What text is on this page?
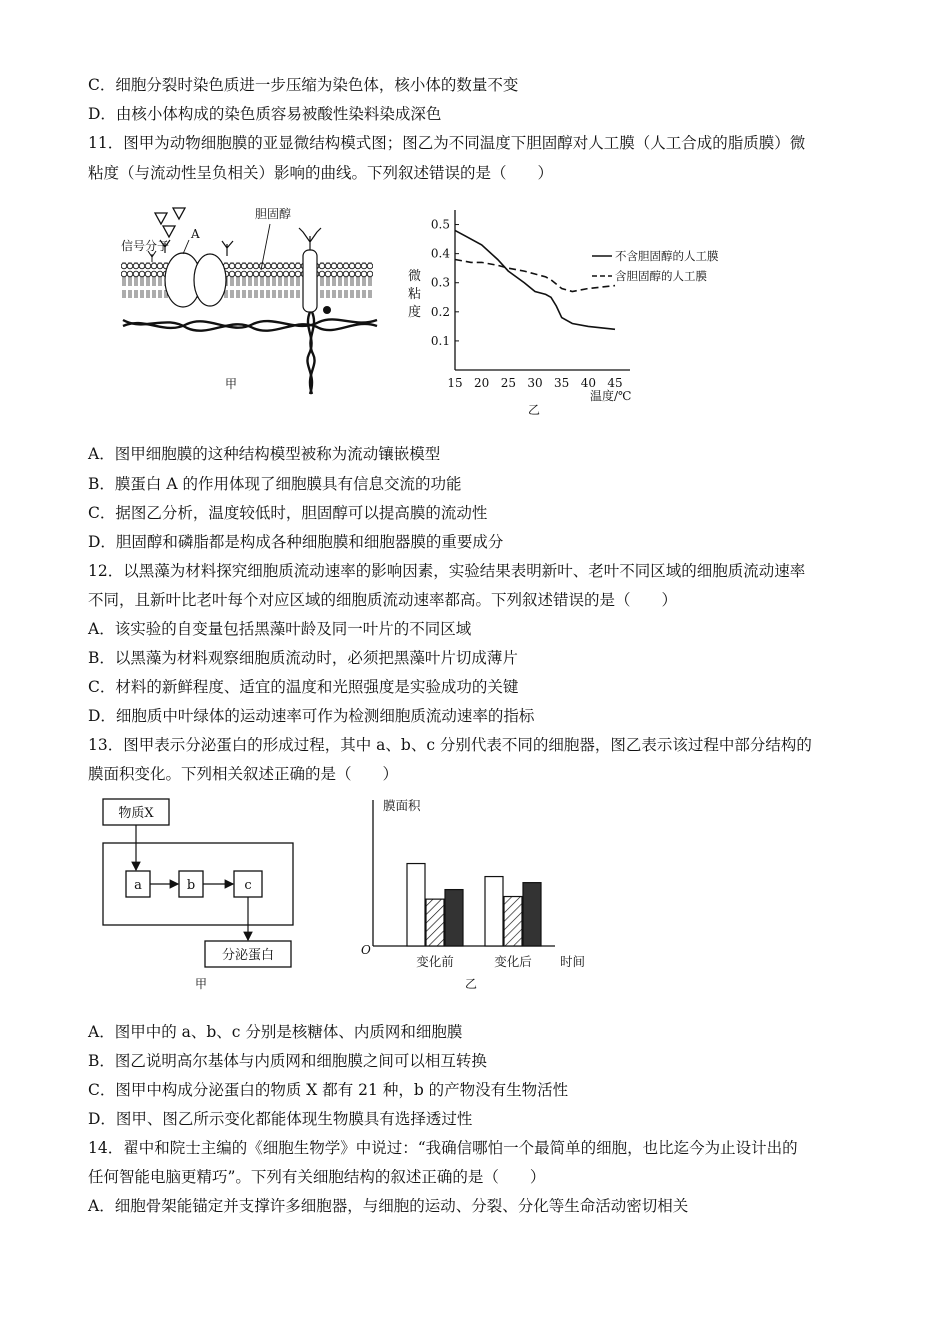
C．细胞分裂时染色质进一步压缩为染色体，核小体的数量不变
D．由核小体构成的染色质容易被酸性染料染成深色
11．图甲为动物细胞膜的亚显微结构模式图；图乙为不同温度下胆固醇对人工膜（人工合成的脂质膜）微
粘度（与流动性呈负相关）影响的曲线。下列叙述错误的是（　　）
信号分子
A
胆固醇
甲
微
粘
度
15 20 25 30 35 40 45
0.1
0.2
0.3
0.4
0.5
温度/℃
乙
不含胆固醇的人工膜
含胆固醇的人工膜
A．图甲细胞膜的这种结构模型被称为流动镶嵌模型
B．膜蛋白 A 的作用体现了细胞膜具有信息交流的功能
C．据图乙分析，温度较低时，胆固醇可以提高膜的流动性
D．胆固醇和磷脂都是构成各种细胞膜和细胞器膜的重要成分
12．以黑藻为材料探究细胞质流动速率的影响因素，实验结果表明新叶、老叶不同区域的细胞质流动速率
不同，且新叶比老叶每个对应区域的细胞质流动速率都高。下列叙述错误的是（　　）
A．该实验的自变量包括黑藻叶龄及同一叶片的不同区域
B．以黑藻为材料观察细胞质流动时，必须把黑藻叶片切成薄片
C．材料的新鲜程度、适宜的温度和光照强度是实验成功的关键
D．细胞质中叶绿体的运动速率可作为检测细胞质流动速率的指标
13．图甲表示分泌蛋白的形成过程，其中 a、b、c 分别代表不同的细胞器，图乙表示该过程中部分结构的
膜面积变化。下列相关叙述正确的是（　　）
物质X
a	b	c
分泌蛋白
甲
变化前	变化后
膜面积
时间
O
乙
A．图甲中的 a、b、c 分别是核糖体、内质网和细胞膜
B．图乙说明高尔基体与内质网和细胞膜之间可以相互转换
C．图甲中构成分泌蛋白的物质 X 都有 21 种，b 的产物没有生物活性
D．图甲、图乙所示变化都能体现生物膜具有选择透过性
14．翟中和院士主编的《细胞生物学》中说过：“我确信哪怕一个最简单的细胞，也比迄今为止设计出的
任何智能电脑更精巧”。下列有关细胞结构的叙述正确的是（　　）
A．细胞骨架能锚定并支撑许多细胞器，与细胞的运动、分裂、分化等生命活动密切相关
